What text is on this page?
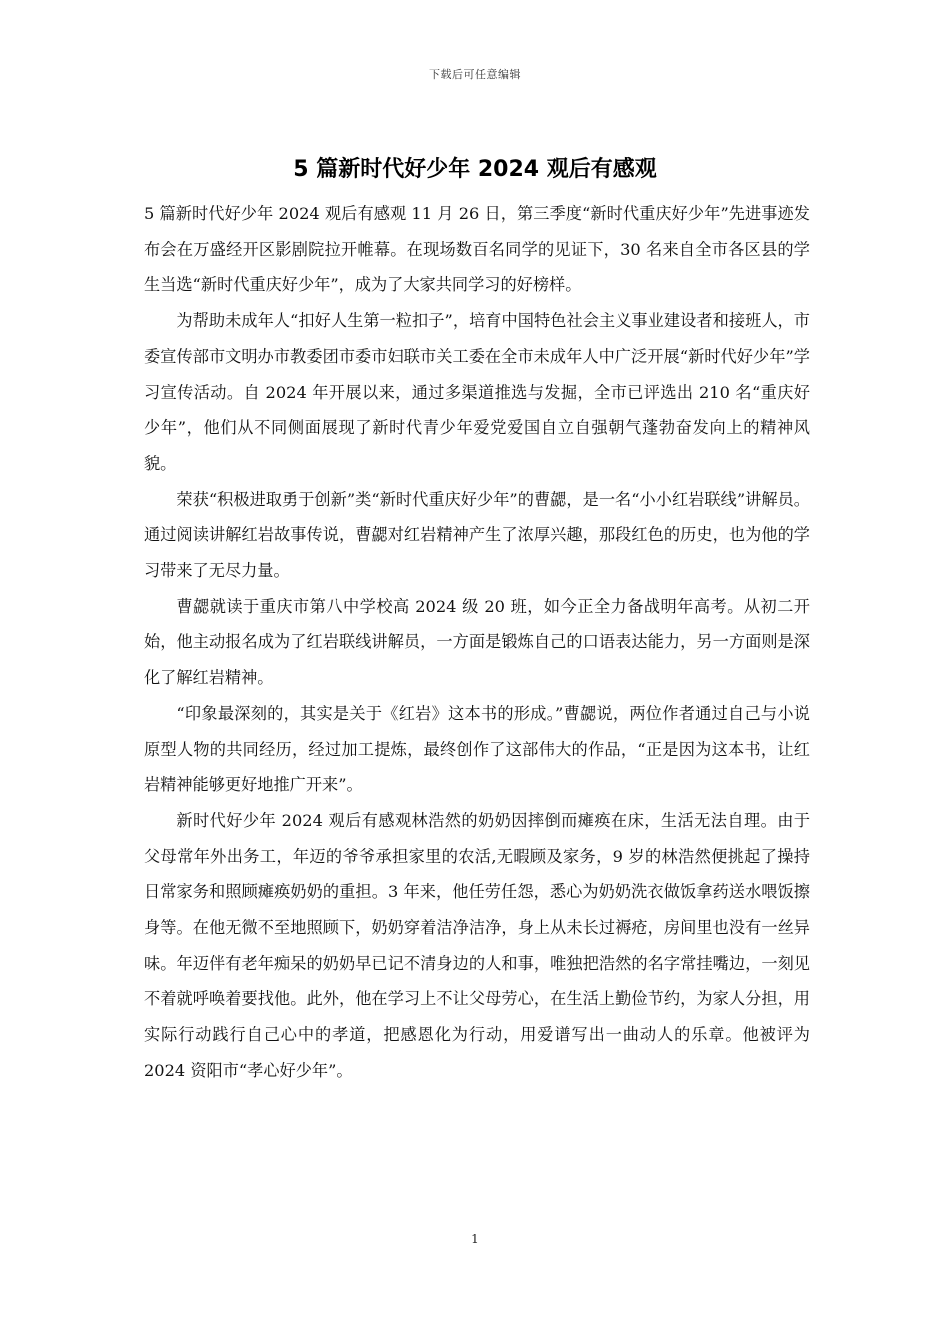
下载后可任意编辑
5 篇新时代好少年 2024 观后有感观

5 篇新时代好少年 2024 观后有感观 11 月 26 日，第三季度“新时代重庆好少年”先进事迹发布会在万盛经开区影剧院拉开帷幕。在现场数百名同学的见证下，30 名来自全市各区县的学生当选“新时代重庆好少年”，成为了大家共同学习的好榜样。

为帮助未成年人“扣好人生第一粒扣子”，培育中国特色社会主义事业建设者和接班人，市委宣传部市文明办市教委团市委市妇联市关工委在全市未成年人中广泛开展“新时代好少年”学习宣传活动。自 2024 年开展以来，通过多渠道推选与发掘，全市已评选出 210 名“重庆好少年”，他们从不同侧面展现了新时代青少年爱党爱国自立自强朝气蓬勃奋发向上的精神风貌。

荣获“积极进取勇于创新”类“新时代重庆好少年”的曹勰，是一名“小小红岩联线”讲解员。通过阅读讲解红岩故事传说，曹勰对红岩精神产生了浓厚兴趣，那段红色的历史，也为他的学习带来了无尽力量。

曹勰就读于重庆市第八中学校高 2024 级 20 班，如今正全力备战明年高考。从初二开始，他主动报名成为了红岩联线讲解员，一方面是锻炼自己的口语表达能力，另一方面则是深化了解红岩精神。

“印象最深刻的，其实是关于《红岩》这本书的形成。”曹勰说，两位作者通过自己与小说原型人物的共同经历，经过加工提炼，最终创作了这部伟大的作品，“正是因为这本书，让红岩精神能够更好地推广开来”。

新时代好少年 2024 观后有感观林浩然的奶奶因摔倒而瘫痪在床，生活无法自理。由于父母常年外出务工，年迈的爷爷承担家里的农活,无暇顾及家务，9 岁的林浩然便挑起了操持日常家务和照顾瘫痪奶奶的重担。3 年来，他任劳任怨，悉心为奶奶洗衣做饭拿药送水喂饭擦身等。在他无微不至地照顾下，奶奶穿着洁净洁净，身上从未长过褥疮，房间里也没有一丝异味。年迈伴有老年痴呆的奶奶早已记不清身边的人和事，唯独把浩然的名字常挂嘴边，一刻见不着就呼唤着要找他。此外，他在学习上不让父母劳心，在生活上勤俭节约，为家人分担，用实际行动践行自己心中的孝道，把感恩化为行动，用爱谱写出一曲动人的乐章。他被评为 2024 资阳市“孝心好少年”。

1
